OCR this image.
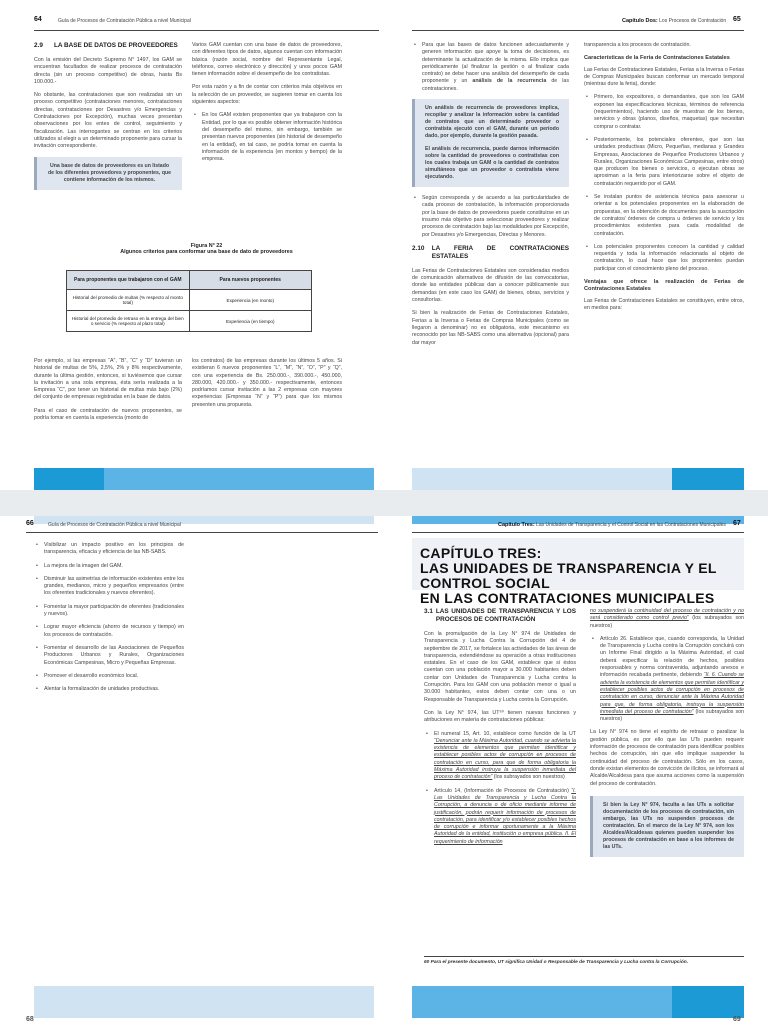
64	Guía de Procesos de Contratación Pública a nivel Municipal	Capítulo Dos: Los Procesos de Contratación 65
2.9 LA BASE DE DATOS DE PROVEEDORES

Con la emisión del Decreto Supremo N° 1497, los GAM se encuentran facultados de realizar procesos de contratación directa (sin un proceso competitivo) de obras, hasta Bs 100.000.-

No obstante, las contrataciones que son realizadas sin un proceso competitivo (contrataciones menores, contrataciones directas, contrataciones por Desastres y/o Emergencias y Contrataciones por Excepción), muchas veces presentan observaciones por los entes de control, seguimiento y fiscalización. Las interrogantes se centran en los criterios utilizados al elegir a un determinado proponente para cursar la invitación correspondiente.

Una base de datos de proveedores es un listado de los diferentes proveedores y proponentes, que contiene información de los mismos.

Varios GAM cuentan con una base de datos de proveedores, con diferentes tipos de datos, algunos cuentan con información básica (razón social, nombre del Representante Legal, teléfonos, correo electrónico y dirección) y unos pocos GAM tienen información sobre el desempeño de los contratistas.

Por esta razón y a fin de contar con criterios más objetivos en la selección de un proveedor, se sugieren tomar en cuenta los siguientes aspectos:

• En los GAM existen proponentes que ya trabajaron con la Entidad, por lo que es posible obtener información histórica del desempeño del mismo, sin embargo, también se presentan nuevos proponentes (sin historial de desempeño en la entidad), en tal caso, se podría tomar en cuenta la información de la experiencia (en montos y tiempo) de la empresa.
Figura N° 22
Algunos criterios para conformar una base de dato de proveedores
Para proponentes que trabajaron con el GAM	Para nuevos proponentes
Historial del promedio de multas (% respecto al monto total)	Experiencia (en monto)
Historial del promedio de retraso en la entrega del bien o servicio (% respecto al plazo total)	Experiencia (en tiempo)

Por ejemplo, si las empresas “A”, “B”, “C” y “D” tuvieran un historial de multas de 5%, 2,5%, 2% y 8% respectivamente, durante la última gestión, entonces, si tuviésemos que cursar la invitación a una sola empresa, ésta sería realizada a la Empresa “C”, por tener un historial de multas más bajo (2%) del conjunto de empresas registradas en la base de datos.

Para el caso de contratación de nuevos proponentes, se podría tomar en cuenta la experiencia (monto de

los contratos) de las empresas durante los últimos 5 años. Si existieran 6 nuevos proponentes “L”, “M”, “N”, “O”, “P” y “Q”, con una experiencia de Bs. 250.000.-, 390.000.-, 450.000, 280.000, 420.000.- y 350.000.- respectivamente, entonces podríamos cursar invitación a las 2 empresas con mayores experiencias (Empresas “N” y “P”) para que los mismos presenten una propuesta.

• Para que las bases de datos funcionen adecuadamente y generen información que apoye la toma de decisiones, es determinante la actualización de la misma. Ello implica que periódicamente (al finalizar la gestión o al finalizar cada contrato) se debe hacer una análisis del desempeño de cada proponente y un análisis de la recurrencia de las contrataciones.

Un análisis de recurrencia de proveedores implica, recopilar y analizar la información sobre la cantidad de contratos que un determinado proveedor o contratista ejecutó con el GAM, durante un periodo dado, por ejemplo, durante la gestión pasada.

El análisis de recurrencia, puede darnos información sobre la cantidad de proveedores o contratistas con los cuales trabaja un GAM o la cantidad de contratos simultáneos que un proveedor o contratista viene ejecutando.

• Según corresponda y de acuerdo a las particularidades de cada proceso de contratación, la información proporcionada por la base de datos de proveedores puede constituirse en un insumo más objetivo para seleccionar proveedores y realizar procesos de contratación bajo las modalidades por Excepción, por Desastres y/o Emergencias, Directas y Menores.
2.10	LA FERIA DE CONTRATACIONES ESTATALES

Las Ferias de Contrataciones Estatales son consideradas medios de comunicación alternativos de difusión de las convocatorias, donde las entidades públicas dan a conocer públicamente sus demandas (en este caso los GAM) de bienes, obras, servicios y consultorías.

Si bien la realización de Ferias de Contrataciones Estatales, Ferias a la Inversa o Ferias de Compras Municipales (como se llegaron a denominar) no es obligatoria, este mecanismo es reconocido por las NB-SABS como una alternativa (opcional) para dar mayor

transparencia a los procesos de contratación.

Características de la Feria de Contrataciones Estatales

Las Ferias de Contrataciones Estatales, Ferias a la Inversa o Ferias de Compras Municipales buscan conformar un mercado temporal (mientras dure la feria), donde:

• Primero, los expositores, o demandantes, que son los GAM exponen las especificaciones técnicas, términos de referencia (requerimientos), haciendo uso de muestras de los bienes, servicios y obras (planos, diseños, maquetas) que necesitan comprar o contratar.
• Posteriormente, los potenciales oferentes, que son las unidades productivas (Micro, Pequeñas, medianas y Grandes Empresas, Asociaciones de Pequeños Productores Urbanos y Rurales, Organizaciones Económicas Campesinas, entre otros) que producen los bienes o servicios, o ejecutan obras se aproximan a la feria para interiorizarse sobre el objeto de contratación requerido por el GAM.
• Se instalan puntos de asistencia técnica para asesorar u orientar a los potenciales proponentes en la elaboración de propuestas, en la obtención de documentos para la suscripción de contratos/ órdenes de compra u órdenes de servicio y los procedimientos existentes para cada modalidad de contratación.
• Los potenciales proponentes conocen la cantidad y calidad requerida y toda la información relacionada al objeto de contratación, lo cual hace que los proponentes puedan participar con el conocimiento pleno del proceso.
Ventajas que ofrece la realización de Ferias de Contrataciones Estatales

Las Ferias de Contrataciones Estatales se constituyen, entre otros, en medios para:

66	Guía de Procesos de Contratación Pública a nivel Municipal	Capítulo Tres: Las Unidades de Transparencia y el Control Social en las Contrataciones Municipales 67
• Visibilizar un impacto positivo en los principios de transparencia, eficacia y eficiencia de las NB-SABS.
• La mejora de la imagen del GAM.
• Disminuir las asimetrías de información existentes entre los grandes, medianos, micro y pequeños empresarios (entre los oferentes tradicionales y nuevos oferentes).
• Fomentar la mayor participación de oferentes (tradicionales y nuevos).
• Lograr mayor eficiencia (ahorro de recursos y tiempo) en los procesos de contratación.
• Fomentar el desarrollo de las Asociaciones de Pequeños Productores Urbanos y Rurales, Organizaciones Económicas Campesinas, Micro y Pequeñas Empresas.
• Promover el desarrollo económico local.
• Alentar la formalización de unidades productivas.
CAPÍTULO TRES:
LAS UNIDADES DE TRANSPARENCIA Y EL CONTROL SOCIAL
EN LAS CONTRATACIONES MUNICIPALES
3.1 LAS UNIDADES DE TRANSPARENCIA Y LOS PROCESOS DE CONTRATACIÓN

Con la promulgación de la Ley N° 974 de Unidades de Transparencia y Lucha Contra la Corrupción del 4 de septiembre de 2017, se fortalece las actividades de las áreas de transparencia, extendiéndose su operación a otras instituciones estatales. En el caso de los GAM, establece que si éstos cuentan con una población mayor a 30.000 habitantes deben contar con Unidades de Transparencia y Lucha contra la Corrupción. Para los GAM con una población menor o igual a 30.000 habitantes, estos deben contar con una o un Responsable de Transparencia y Lucha contra la Corrupción.

Con la Ley N° 974, las UT⁶⁰ tienen nuevas funciones y atribuciones en materia de contrataciones públicas:

• El numeral 15, Art. 10, establece como función de la UT “Denunciar ante la Máxima Autoridad, cuando se advierta la existencia de elementos que permitan identificar y establecer posibles actos de corrupción en procesos de contratación en curso, para que de forma obligatoria la Máxima Autoridad instruya la suspensión inmediata del proceso de contratación” (los subrayados son nuestros)
• Artículo 14, (Información de Procesos de Contratación) “I. Las Unidades de Transparencia y Lucha Contra la Corrupción, a denuncia o de oficio mediante informe de justificación, podrán requerir información de procesos de contratación, para identificar y/o establecer posibles hechos de corrupción e informar oportunamente a la Máxima Autoridad de la entidad, institución o empresa pública. II. El requerimiento de información

no suspenderá la continuidad del proceso de contratación y no será considerado como control previo” (los subrayados son nuestros)

• Artículo 26. Establece que, cuando corresponda, la Unidad de Transparencia y Lucha contra la Corrupción concluirá con un Informe Final dirigido a la Máxima Autoridad, el cual deberá especificar la relación de hechos, posibles responsables y norma contravenida, adjuntando anexos e información recabada pertinente, debiendo “II. 6. Cuando se advierta la existencia de elementos que permitan identificar y establecer posibles actos de corrupción en procesos de contratación en curso, denunciar ante la Máxima Autoridad para que, de forma obligatoria, instruya la suspensión inmediata del proceso de contratación” (los subrayados son nuestros)

La Ley N° 974 no tiene el espíritu de retrasar o paralizar la gestión pública, es por ello que las UTs pueden requerir información de procesos de contratación para identificar posibles hechos de corrupción, sin que ello implique suspender la continuidad del proceso de contratación. Sólo en los casos, donde existan elementos de convicción de ilícitos, se informará al Alcalde/Alcaldesa para que asuma acciones como la suspensión del proceso de contratación.

Si bien la Ley N° 974, faculta a las UTs a solicitar documentación de los procesos de contratación, sin embargo, las UTs no suspenden procesos de contratación. En el marco de la Ley N° 974, son los Alcaldes/Alcaldesas quienes pueden suspender los procesos de contratación en base a los informes de las UTs.
60 Para el presente documento, UT significa Unidad o Responsable de Transparencia y Lucha contra la Corrupción.
68	69
